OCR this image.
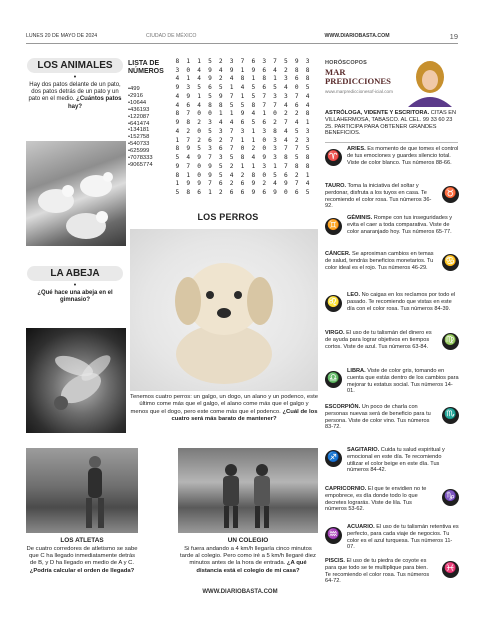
LUNES 20 DE MAYO DE 2024	CIUDAD DE MÉXICO	WWW.DIARIOBASTA.COM	19
LOS ANIMALES
•
Hay dos patos delante de un pato, dos patos detrás de un pato y un pato en el medio. ¿Cuántos patos hay?
LA ABEJA
•
¿Qué hace una abeja en el gimnasio?
LISTA DE NÚMEROS
•499
•2916
•10644
•436193
•122087
•641474
•134181
•152758
•540733
•625999
•7078333
•9065774
8	1	1	5	2	3	7	6	3	7	5	9	3
3	0	4	9	4	9	1	9	6	4	2	8	8
4	1	4	9	2	4	8	1	8	1	3	6	8
9	3	5	6	5	1	4	5	6	5	4	0	5
4	9	1	5	9	7	1	5	7	3	3	7	4
4	6	4	8	8	5	5	8	7	7	4	6	4
8	7	0	0	1	1	9	4	1	0	2	2	8
9	8	2	3	4	4	6	5	6	2	7	4	1
4	2	0	5	3	7	3	1	3	8	4	5	3
1	7	2	6	2	7	1	1	0	3	4	2	3
8	9	5	3	6	7	0	2	0	3	7	7	5
5	4	9	7	3	5	8	4	9	3	8	5	8
9	7	0	9	5	2	1	1	3	1	7	8	8
8	1	0	9	5	4	2	8	0	5	6	2	1
1	9	9	7	6	2	6	9	2	4	9	7	4
5	8	6	1	2	6	6	9	6	9	0	6	5
LOS PERROS
Tenemos cuatro perros: un galgo, un dogo, un alano y un podenco, este último come más que el galgo, el alano come más que el galgo y menos que el dogo, pero este come más que el podenco. ¿Cuál de los cuatro será más barato de mantener?
LOS ATLETAS
De cuatro corredores de atletismo se sabe que C ha llegado inmediatamente detrás de B, y D ha llegado en medio de A y C. ¿Podría calcular el orden de llegada?
UN COLEGIO
Si fuera andando a 4 km/h llegaría cinco minutos tarde al colegio. Pero como iré a 5 km/h llegaré diez minutos antes de la hora de entrada. ¿A qué distancia está el colegio de mi casa?
WWW.DIARIOBASTA.COM
HORÓSCOPOS
MAR PREDICCIONES
www.marprediccionesof-icial.com
ASTRÓLOGA, VIDENTE Y ESCRITORA. CITAS EN VILLAHERMOSA, TABASCO. AL CEL. 99 33 60 23 25. PARTICIPA PARA OBTENER GRANDES BENEFICIOS.
♈
ARIES. Es momento de que tomes el control de tus emociones y guardes silencio total. Viste de color blanco. Tus números 88-66.
♉
TAURO. Toma la iniciativa del soltar y perdonar, disfruta a los tuyos en casa. Te recomiendo el color rosa. Tus números 36-92.
♊
GÉMINIS. Rompe con tus inseguridades y evita el caer a toda comparativa. Viste de color anaranjado hoy. Tus números 65-77.
♋
CÁNCER. Se aproximan cambios en temas de salud, tendrás beneficios monetarios. Tu color ideal es el rojo. Tus números 46-29.
♌
LEO. No caigas en los reclamos por todo el pasado. Te recomiendo que vistas en este día con el color rosa. Tus números 84-39.
♍
VIRGO. El uso de tu talismán del dinero es de ayuda para lograr objetivos en tiempos cortos. Viste de azul. Tus números 63-84.
♎
LIBRA. Viste de color gris, tomando en cuenta que estás dentro de los cambios para mejorar tu estatus social. Tus números 14-01.
♏
ESCORPIÓN. Un poco de charla con personas nuevas será de beneficio para tu persona. Viste de color vino. Tus números 83-72.
♐
SAGITARIO. Cuida tu salud espiritual y emocional en este día. Te recomiendo utilizar el color beige en este día. Tus números 84-42.
♑
CAPRICORNIO. El que te envidien no te empobrece, es día donde todo lo que decretes lograrás. Viste de lila. Tus números 53-62.
♒
ACUARIO. El uso de tu talismán retentiva es perfecto, para cada viaje de negocios. Tu color es el azul turquesa. Tus números 11-07.
♓
PISCIS. El uso de tu piedra de coyote es para que todo se te multiplique para bien. Te recomiendo el color rosa. Tus números 64-72.
